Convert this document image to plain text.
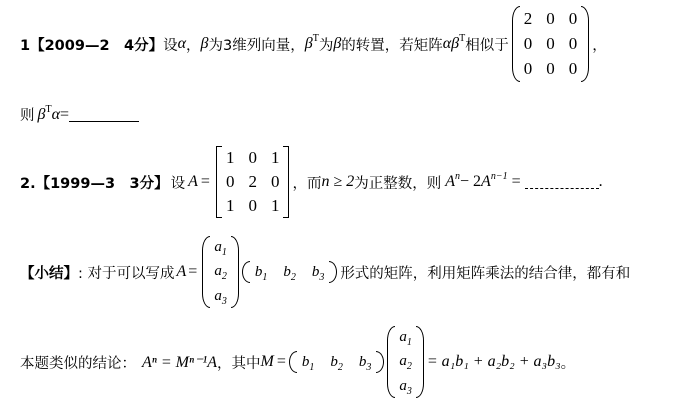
1【2009—2　4分】 设 α ， β 为3维列向量， $\beta^T$ 为 β 的转置，若矩阵 $\alpha\beta^T$ 相似于
2 0 0
0 0 0
0 0 0
，
则 $\beta^T\alpha$ =
2.【1999—3　3分】 设 A =
1 0 1
0 2 0
1 0 1
，而 n ≥ 2 为正整数，则 $A^n- 2A^{n-1}$ =	.
【小结】 : 对于可以写成 A =
$a_1$
$a_2$
$a_3$
$b_1$ $b_2$ $b_3$ 形式的矩阵，利用矩阵乘法的结合律，都有和
本题类似的结论： Aⁿ = Mⁿ⁻¹A ，其中 $M = b_1$ $b_2$ $b_3$
$a_1$
$a_2$
$a_3$
= a₁b₁ + a₂b₂ + a₃b₃ 。
